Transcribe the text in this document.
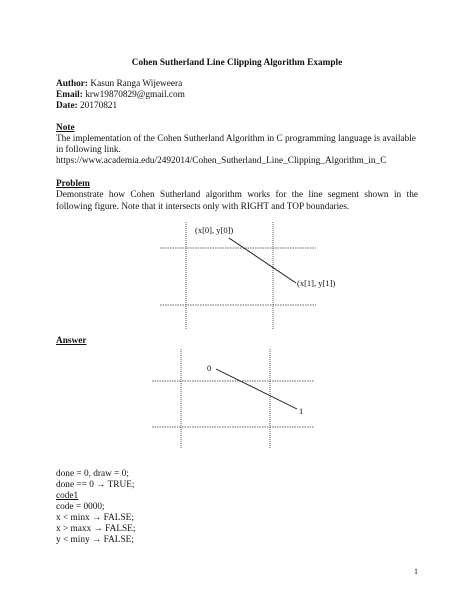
Cohen Sutherland Line Clipping Algorithm Example
Author: Kasun Ranga Wijeweera
Email: krw19870829@gmail.com
Date: 20170821
Note
The implementation of the Cohen Sutherland Algorithm in C programming language is available
in following link.
https://www.academia.edu/2492014/Cohen_Sutherland_Line_Clipping_Algorithm_in_C
Problem
Demonstrate how Cohen Sutherland algorithm works for the line segment shown in the following figure. Note that it intersects only with RIGHT and TOP boundaries.
(x[0], y[0])
(x[1], y[1])
Answer
0
1
done = 0, draw = 0;
done == 0 → TRUE;
code1
code = 0000;
x < minx → FALSE;
x > maxx → FALSE;
y < miny → FALSE;
1
